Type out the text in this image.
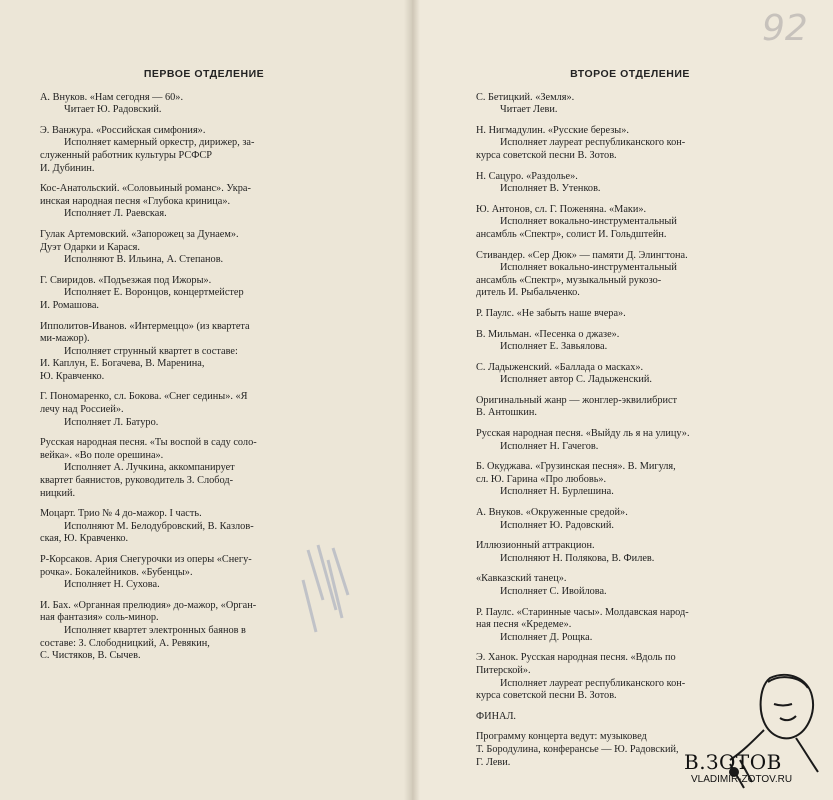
92
ПЕРВОЕ ОТДЕЛЕНИЕ
А. Внуков. «Нам сегодня — 60».
Читает Ю. Радовский.
Э. Ванжура. «Российская симфония».
Исполняет камерный оркестр, дирижер, за-
служенный работник культуры РСФСР
И. Дубинин.
Кос-Анатольский. «Соловьиный романс». Укра-
инская народная песня «Глубока криница».
Исполняет Л. Раевская.
Гулак Артемовский. «Запорожец за Дунаем».
Дуэт Одарки и Карася.
Исполняют В. Ильина, А. Степанов.
Г. Свиридов. «Подъезжая под Ижоры».
Исполняет Е. Воронцов, концертмейстер
И. Ромашова.
Ипполитов-Иванов. «Интермеццо» (из квартета
ми-мажор).
Исполняет струнный квартет в составе:
И. Каплун, Е. Богачева, В. Маренина,
Ю. Кравченко.
Г. Пономаренко, сл. Бокова. «Снег седины». «Я
лечу над Россией».
Исполняет Л. Батуро.
Русская народная песня. «Ты воспой в саду соло-
вейка». «Во поле орешина».
Исполняет А. Лучкина, аккомпанирует
квартет баянистов, руководитель З. Слобод-
ницкий.
Моцарт. Трио № 4 до-мажор. I часть.
Исполняют М. Белодубровский, В. Казлов-
ская, Ю. Кравченко.
Р-Корсаков. Ария Снегурочки из оперы «Снегу-
рочка». Бокалейников. «Бубенцы».
Исполняет Н. Сухова.
И. Бах. «Органная прелюдия» до-мажор, «Орган-
ная фантазия» соль-минор.
Исполняет квартет электронных баянов в
составе: З. Слободницкий, А. Ревякин,
С. Чистяков, В. Сычев.
ВТОРОЕ ОТДЕЛЕНИЕ
С. Бетицкий. «Земля».
Читает Леви.
Н. Нигмадулин. «Русские березы».
Исполняет лауреат республиканского кон-
курса советской песни В. Зотов.
Н. Сацуро. «Раздолье».
Исполняет В. Утенков.
Ю. Антонов, сл. Г. Поженяна. «Маки».
Исполняет вокально-инструментальный
ансамбль «Спектр», солист И. Гольдштейн.
Стивандер. «Сер Дюк» — памяти Д. Элингтона.
Исполняет вокально-инструментальный
ансамбль «Спектр», музыкальный рукозо-
дитель И. Рыбальченко.
Р. Паулс. «Не забыть наше вчера».
В. Мильман. «Песенка о джазе».
Исполняет Е. Завьялова.
С. Ладыженский. «Баллада о масках».
Исполняет автор С. Ладыженский.
Оригинальный жанр — жонглер-эквилибрист
В. Антошкин.
Русская народная песня. «Выйду ль я на улицу».
Исполняет Н. Гачегов.
Б. Окуджава. «Грузинская песня». В. Мигуля,
сл. Ю. Гарина «Про любовь».
Исполняет Н. Бурлешина.
А. Внуков. «Окруженные средой».
Исполняет Ю. Радовский.
Иллюзионный аттракцион.
Исполняют Н. Полякова, В. Филев.
«Кавказский танец».
Исполняет С. Ивойлова.
Р. Паулс. «Старинные часы». Молдавская народ-
ная песня «Кредеме».
Исполняет Д. Рощка.
Э. Ханок. Русская народная песня. «Вдоль по
Питерской».
Исполняет лауреат республиканского кон-
курса советской песни В. Зотов.
ФИНАЛ.
Программу концерта ведут: музыковед
Т. Бородулина, конферансье — Ю. Радовский,
Г. Леви.	В.ЗОТОВ
VLADIMIR-ZOTOV.RU
